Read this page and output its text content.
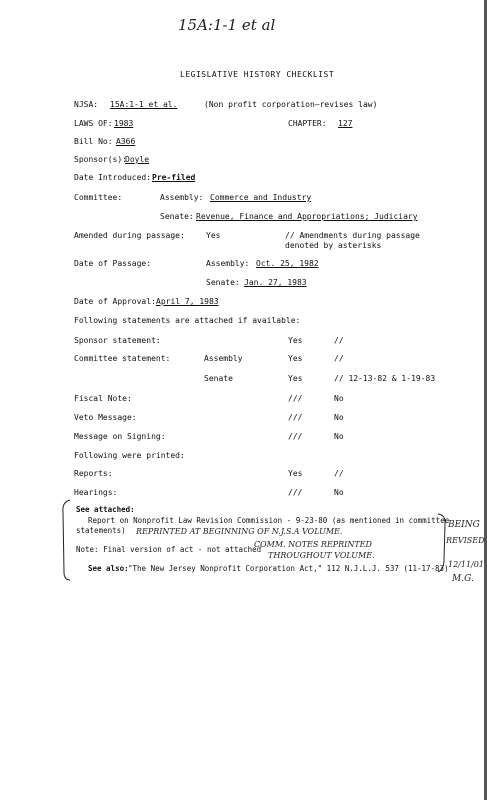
15A:1-1 et al
LEGISLATIVE HISTORY CHECKLIST
NJSA: 15A:1-1 et al.	(Non profit corporation—revises law)
LAWS OF: 1983	CHAPTER: 127
Bill No: A366
Sponsor(s):
Doyle
Date Introduced: Pre-filed
Committee:	Assembly: Commerce and Industry
Senate: Revenue, Finance and Appropriations; Judiciary
Amended during passage:	Yes	// Amendments during passage
denoted by asterisks
Date of Passage:	Assembly: Oct. 25, 1982
Senate: Jan. 27, 1983
Date of Approval: April 7, 1983
Following statements are attached if available:
Sponsor statement:	Yes	//
Committee statement:	Assembly	Yes	//
Senate	Yes	// 12-13-82 & 1-19-83
Fiscal Note:	///	No
Veto Message:	///	No
Message on Signing:	///	No
Following were printed:
Reports:	Yes	//
Hearings:	///	No
See attached:
Report on Nonprofit Law Revision Commission - 9-23-80 (as mentioned in committee
statements) REPRINTED AT BEGINNING OF N.J.S.A VOLUME.
Note: Final version of act - not attached
COMM. NOTES REPRINTED
THROUGHOUT VOLUME.
See also: "The New Jersey Nonprofit Corporation Act," 112 N.J.L.J. 537 (11-17-83)
BEING
REVISED
12/11/01
M.G.
